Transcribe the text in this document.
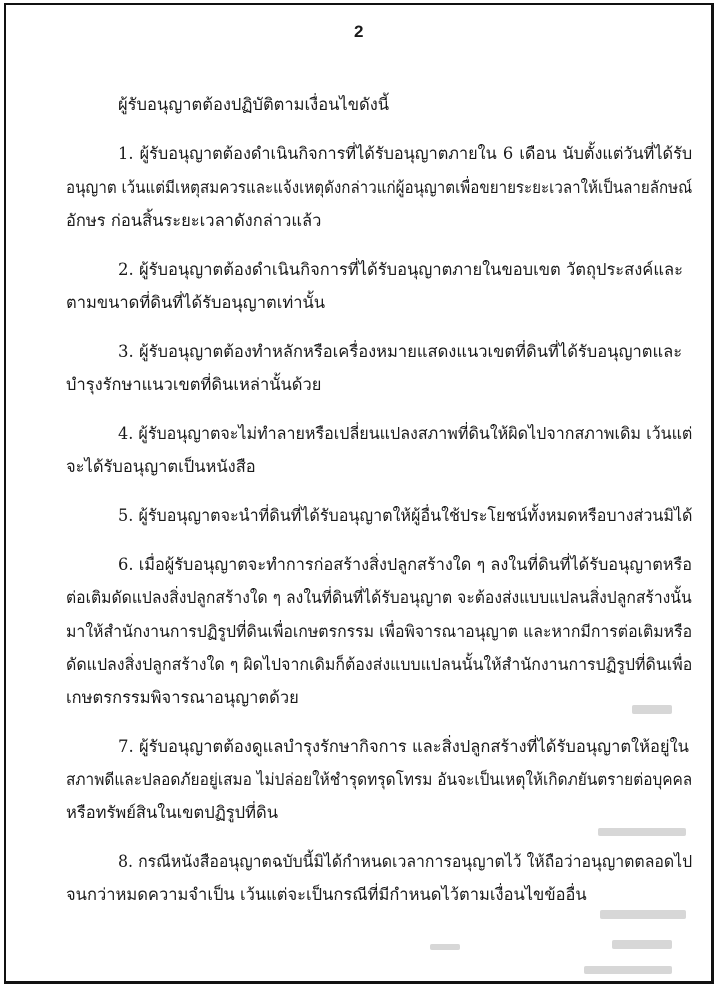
2
ผู้รับอนุญาตต้องปฏิบัติตามเงื่อนไขดังนี้
1. ผู้รับอนุญาตต้องดำเนินกิจการที่ได้รับอนุญาตภายใน 6 เดือน นับตั้งแต่วันที่ได้รับ
อนุญาต เว้นแต่มีเหตุสมควรและแจ้งเหตุดังกล่าวแก่ผู้อนุญาตเพื่อขยายระยะเวลาให้เป็นลายลักษณ์
อักษร ก่อนสิ้นระยะเวลาดังกล่าวแล้ว
2. ผู้รับอนุญาตต้องดำเนินกิจการที่ได้รับอนุญาตภายในขอบเขต วัตถุประสงค์และ
ตามขนาดที่ดินที่ได้รับอนุญาตเท่านั้น
3. ผู้รับอนุญาตต้องทำหลักหรือเครื่องหมายแสดงแนวเขตที่ดินที่ได้รับอนุญาตและ
บำรุงรักษาแนวเขตที่ดินเหล่านั้นด้วย
4. ผู้รับอนุญาตจะไม่ทำลายหรือเปลี่ยนแปลงสภาพที่ดินให้ผิดไปจากสภาพเดิม เว้นแต่
จะได้รับอนุญาตเป็นหนังสือ
5. ผู้รับอนุญาตจะนำที่ดินที่ได้รับอนุญาตให้ผู้อื่นใช้ประโยชน์ทั้งหมดหรือบางส่วนมิได้
6. เมื่อผู้รับอนุญาตจะทำการก่อสร้างสิ่งปลูกสร้างใด ๆ ลงในที่ดินที่ได้รับอนุญาตหรือ
ต่อเติมดัดแปลงสิ่งปลูกสร้างใด ๆ ลงในที่ดินที่ได้รับอนุญาต จะต้องส่งแบบแปลนสิ่งปลูกสร้างนั้น
มาให้สำนักงานการปฏิรูปที่ดินเพื่อเกษตรกรรม เพื่อพิจารณาอนุญาต และหากมีการต่อเติมหรือ
ดัดแปลงสิ่งปลูกสร้างใด ๆ ผิดไปจากเดิมก็ต้องส่งแบบแปลนนั้นให้สำนักงานการปฏิรูปที่ดินเพื่อ
เกษตรกรรมพิจารณาอนุญาตด้วย
7. ผู้รับอนุญาตต้องดูแลบำรุงรักษากิจการ และสิ่งปลูกสร้างที่ได้รับอนุญาตให้อยู่ใน
สภาพดีและปลอดภัยอยู่เสมอ ไม่ปล่อยให้ชำรุดทรุดโทรม อันจะเป็นเหตุให้เกิดภยันตรายต่อบุคคล
หรือทรัพย์สินในเขตปฏิรูปที่ดิน
8. กรณีหนังสืออนุญาตฉบับนี้มิได้กำหนดเวลาการอนุญาตไว้ ให้ถือว่าอนุญาตตลอดไป
จนกว่าหมดความจำเป็น เว้นแต่จะเป็นกรณีที่มีกำหนดไว้ตามเงื่อนไขข้ออื่น
